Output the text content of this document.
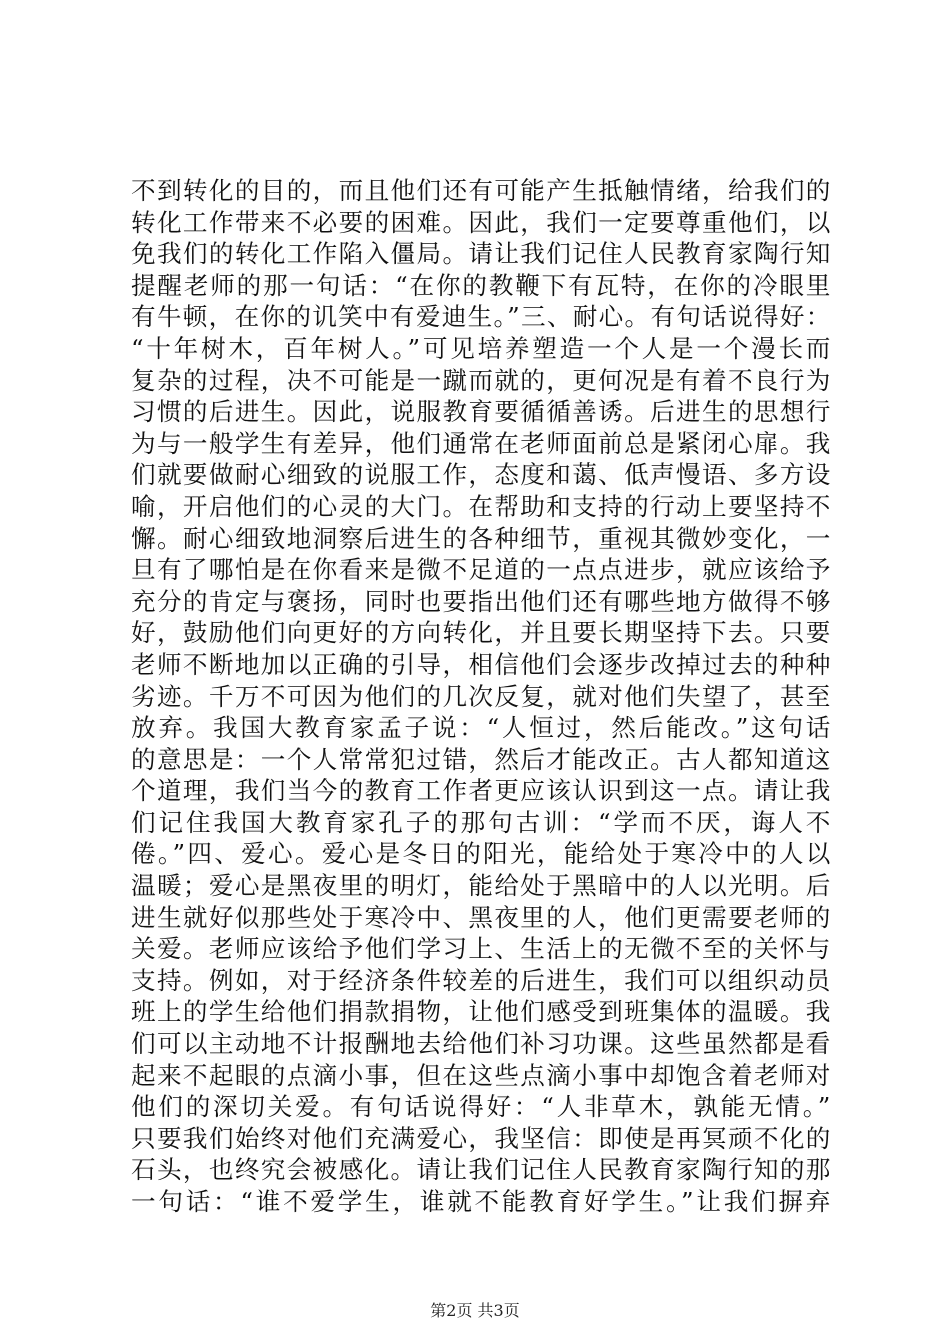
不到转化的目的，而且他们还有可能产生抵触情绪，给我们的
转化工作带来不必要的困难。因此，我们一定要尊重他们，以
免我们的转化工作陷入僵局。请让我们记住人民教育家陶行知
提醒老师的那一句话：“在你的教鞭下有瓦特，在你的冷眼里
有牛顿，在你的讥笑中有爱迪生。”三、耐心。有句话说得好：
“十年树木，百年树人。”可见培养塑造一个人是一个漫长而
复杂的过程，决不可能是一蹴而就的，更何况是有着不良行为
习惯的后进生。因此，说服教育要循循善诱。后进生的思想行
为与一般学生有差异，他们通常在老师面前总是紧闭心扉。我
们就要做耐心细致的说服工作，态度和蔼、低声慢语、多方设
喻，开启他们的心灵的大门。在帮助和支持的行动上要坚持不
懈。耐心细致地洞察后进生的各种细节，重视其微妙变化，一
旦有了哪怕是在你看来是微不足道的一点点进步，就应该给予
充分的肯定与褒扬，同时也要指出他们还有哪些地方做得不够
好，鼓励他们向更好的方向转化，并且要长期坚持下去。只要
老师不断地加以正确的引导，相信他们会逐步改掉过去的种种
劣迹。千万不可因为他们的几次反复，就对他们失望了，甚至
放弃。我国大教育家孟子说：“人恒过，然后能改。”这句话
的意思是：一个人常常犯过错，然后才能改正。古人都知道这
个道理，我们当今的教育工作者更应该认识到这一点。请让我
们记住我国大教育家孔子的那句古训：“学而不厌，诲人不
倦。”四、爱心。爱心是冬日的阳光，能给处于寒冷中的人以
温暖；爱心是黑夜里的明灯，能给处于黑暗中的人以光明。后
进生就好似那些处于寒冷中、黑夜里的人，他们更需要老师的
关爱。老师应该给予他们学习上、生活上的无微不至的关怀与
支持。例如，对于经济条件较差的后进生，我们可以组织动员
班上的学生给他们捐款捐物，让他们感受到班集体的温暖。我
们可以主动地不计报酬地去给他们补习功课。这些虽然都是看
起来不起眼的点滴小事，但在这些点滴小事中却饱含着老师对
他们的深切关爱。有句话说得好：“人非草木，孰能无情。”
只要我们始终对他们充满爱心，我坚信：即使是再冥顽不化的
石头，也终究会被感化。请让我们记住人民教育家陶行知的那
一句话：“谁不爱学生，谁就不能教育好学生。”让我们摒弃
第2页 共3页
